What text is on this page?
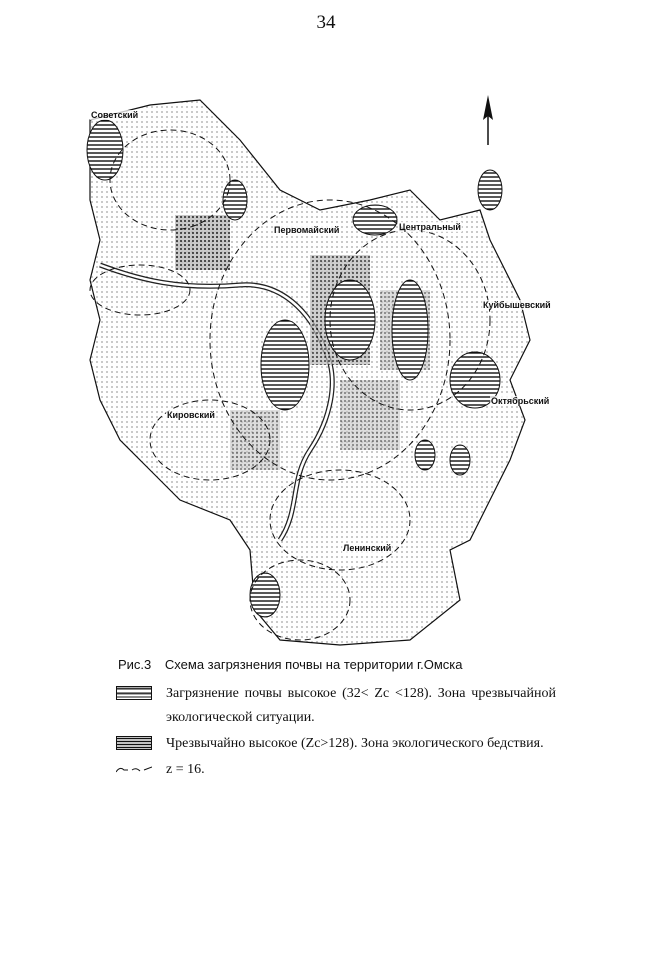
34
Советский
Первомайский	Центральный
Куйбышевский
Октябрьский
Кировский
Ленинский
Рис.3 Схема загрязнения почвы на территории г.Омска
Загрязнение почвы высокое (32< Zc <128). Зона чрезвычайной экологической ситуации.
Чрезвычайно высокое (Zc>128). Зона экологического бедствия.
z = 16.
